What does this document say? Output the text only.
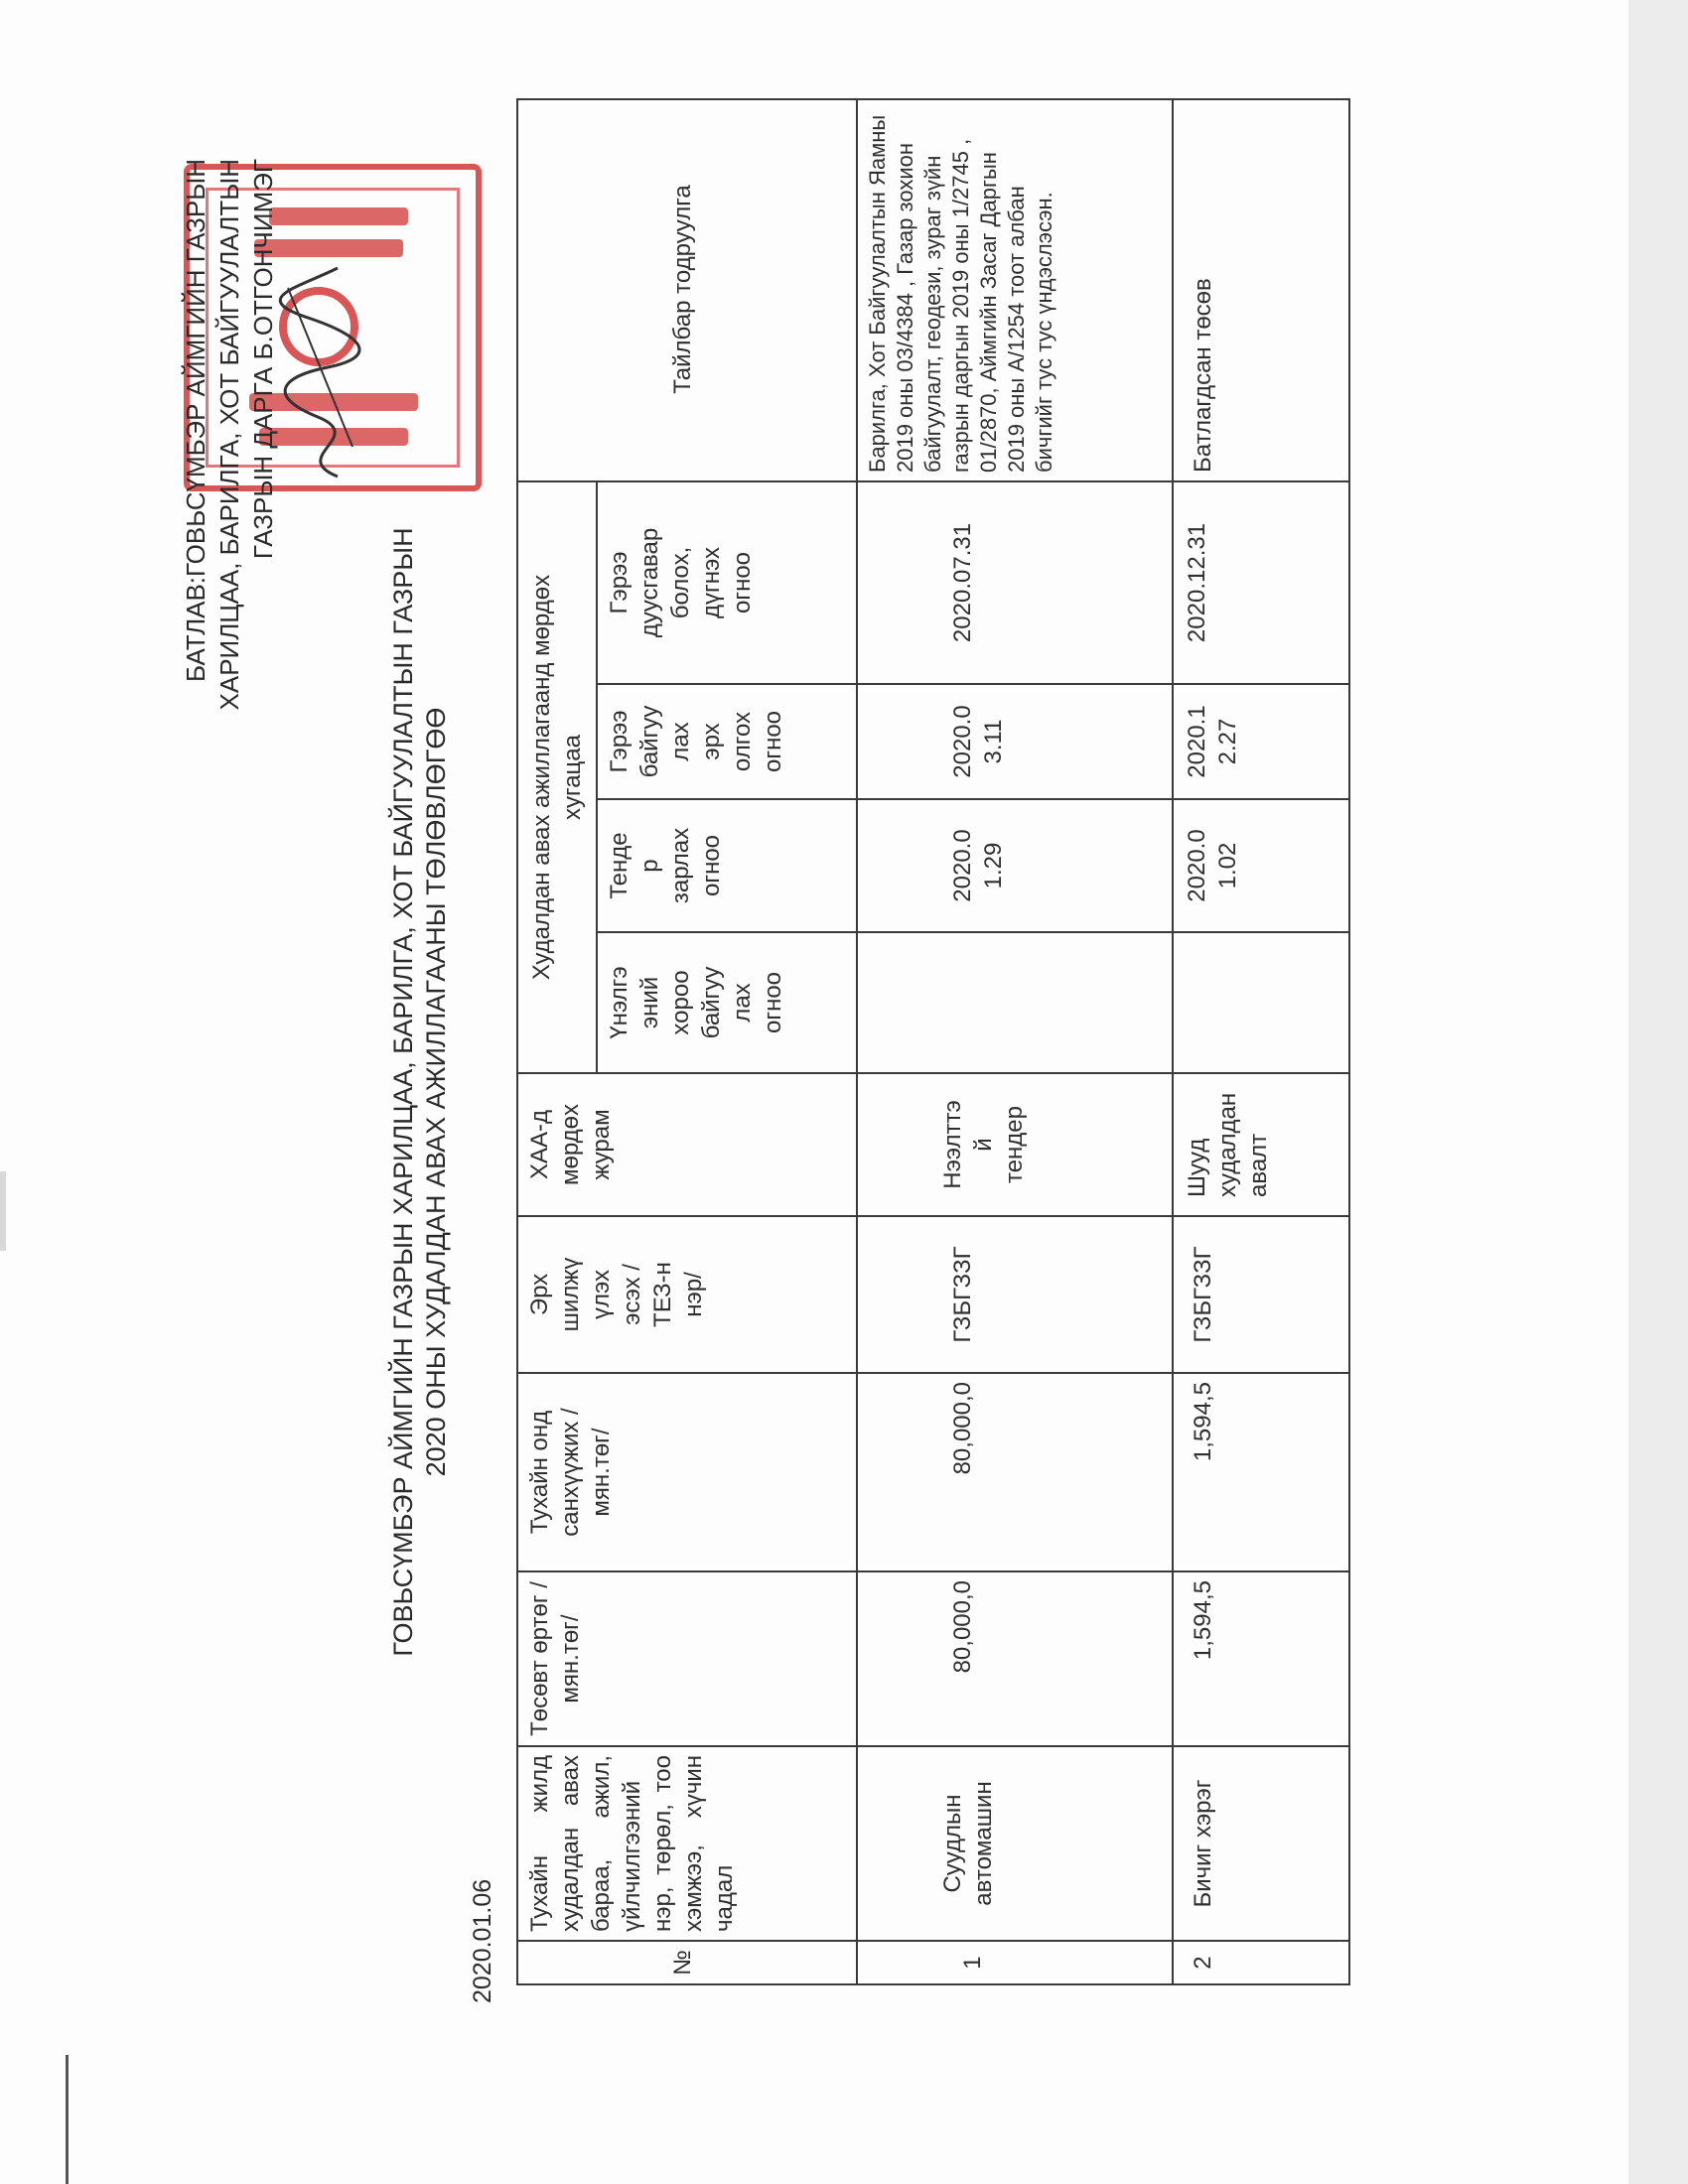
БАТЛАВ:ГОВЬСҮМБЭР АЙМГИЙН ГАЗРЫН ХАРИЛЦАА, БАРИЛГА, ХОТ БАЙГУУЛАЛТЫН ГАЗРЫН ДАРГА Б.ОТГОНЧИМЭГ
ГОВЬСҮМБЭР АЙМГИЙН ГАЗРЫН ХАРИЛЦАА, БАРИЛГА, ХОТ БАЙГУУЛАЛТЫН ГАЗРЫН 2020 ОНЫ ХУДАЛДАН АВАХ АЖИЛЛАГААНЫ ТӨЛӨВЛӨГӨӨ
2020.01.06	№
Тухайн жилд худалдан авах бараа, ажил, үйлчилгээний нэр, төрөл, тоо хэмжээ, хүчин чадал
Төсөвт өртөг /мян.төг/
Тухайн онд санхүүжих /мян.төг/
Эрх шилжүүлэх эсэх /ТЕЗ-н нэр/
ХАА-д мөрдөх журам
Худалдан авах ажиллагаанд мөрдөх хугацаа
Үнэлгээний хороо байгуулах огноо
Тендер зарлах огноо
Гэрээ байгуулах эрх олгох огноо
Гэрээ дуусгавар болох, дүгнэх огноо
Тайлбар тодруулга
1
Суудлын автомашин
80,000,0
80,000,0
ГЗБГЗЗГ
Нээлттэй тендер
2020.01.29
2020.03.11
2020.07.31
Барилга, Хот Байгуулалтын Яамны 2019 оны 03/4384 , Газар зохион байгуулалт, геодези, зураг зүйн газрын даргын 2019 оны 1/2745 , 01/2870, Аймгийн Засаг Даргын 2019 оны А/1254 тоот албан бичгийг тус тус үндэслэсэн.
2
Бичиг хэрэг
1,594,5
1,594,5
ГЗБГЗЗГ
Шууд худалдан авалт
2020.01.02
2020.12.27
2020.12.31
Батлагдсан төсөв
